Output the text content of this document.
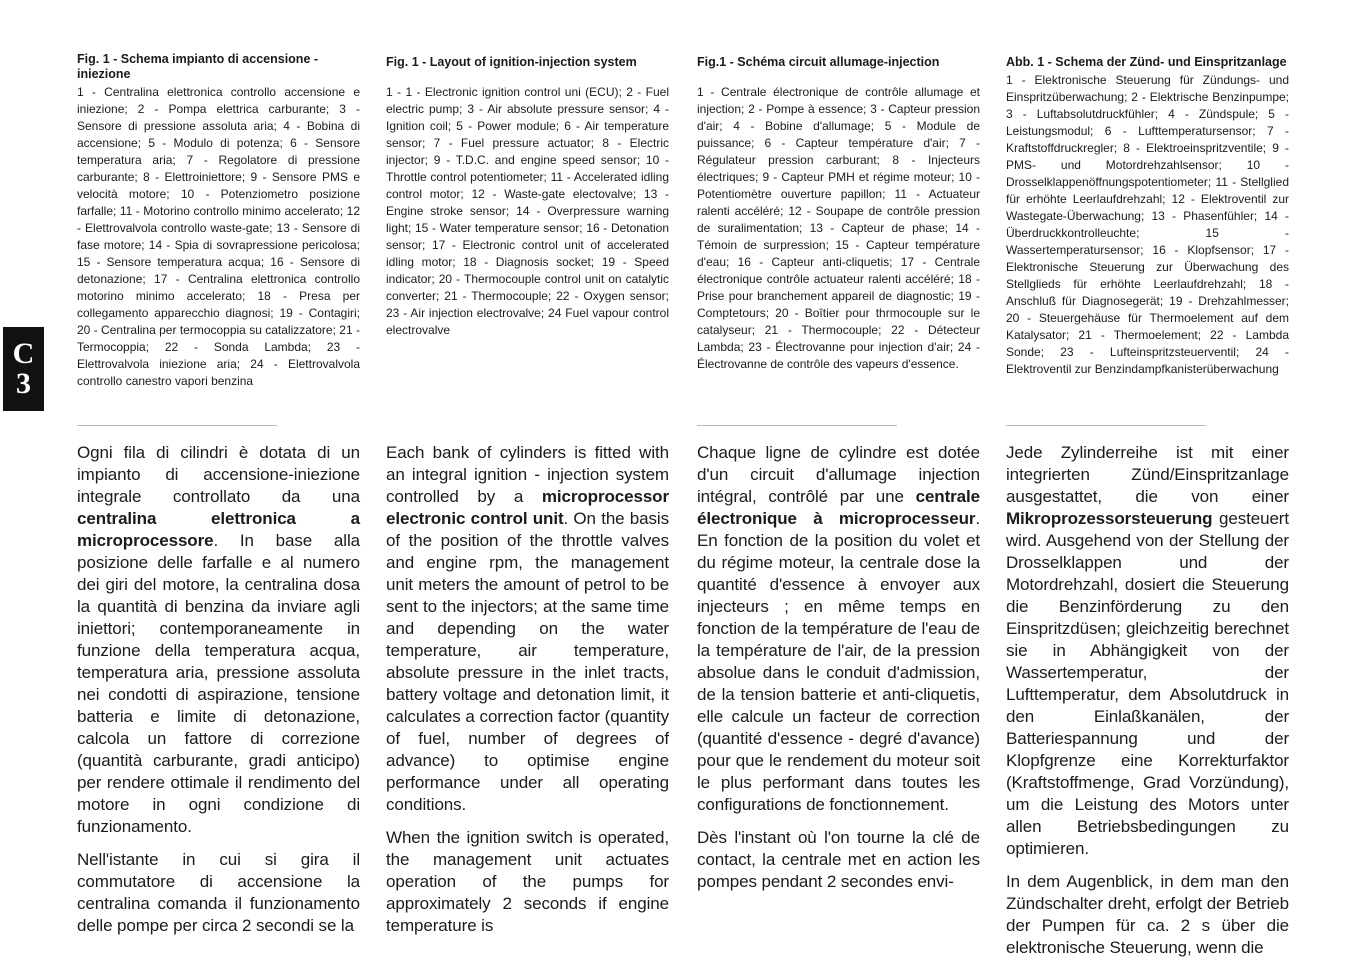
C
3

Fig. 1 - Schema impianto di accensione - iniezione

1 - Centralina elettronica controllo accensione e iniezione; 2 - Pompa elettrica carburante; 3 - Sensore di pressione assoluta aria; 4 - Bobina di accensione; 5 - Modulo di potenza; 6 - Sensore temperatura aria; 7 - Regolatore di pressione carburante; 8 - Elettroiniettore; 9 - Sensore PMS e velocità motore; 10 - Potenziometro posizione farfalle; 11 - Motorino controllo minimo accelerato; 12 - Elettrovalvola controllo waste-gate; 13 - Sensore di fase motore; 14 - Spia di sovrapressione pericolosa; 15 - Sensore temperatura acqua; 16 - Sensore di detonazione; 17 - Centralina elettronica controllo motorino minimo accelerato; 18 - Presa per collegamento apparecchio diagnosi; 19 - Contagiri; 20 - Centralina per termocoppia su catalizzatore; 21 - Termocoppia; 22 - Sonda Lambda; 23 - Elettrovalvola iniezione aria; 24 - Elettrovalvola controllo canestro vapori benzina

Fig. 1 - Layout of ignition-injection system

1 - 1 - Electronic ignition control uni (ECU); 2 - Fuel electric pump; 3 - Air absolute pressure sensor; 4 - Ignition coil; 5 - Power module; 6 - Air temperature sensor; 7 - Fuel pressure actuator; 8 - Electric injector; 9 - T.D.C. and engine speed sensor; 10 - Throttle control potentiometer; 11 - Accelerated idling control motor; 12 - Waste-gate electovalve; 13 - Engine stroke sensor; 14 - Overpressure warning light; 15 - Water temperature sensor; 16 - Detonation sensor; 17 - Electronic control unit of accelerated idling motor; 18 - Diagnosis socket; 19 - Speed indicator; 20 - Thermocouple control unit on catalytic converter; 21 - Thermocouple; 22 - Oxygen sensor; 23 - Air injection electrovalve; 24 Fuel vapour control electrovalve

Fig.1 - Schéma circuit allumage-injection

1 - Centrale électronique de contrôle allumage et injection; 2 - Pompe à essence; 3 - Capteur pression d'air; 4 - Bobine d'allumage; 5 - Module de puissance; 6 - Capteur température d'air; 7 - Régulateur pression carburant; 8 - Injecteurs électriques; 9 - Capteur PMH et régime moteur; 10 - Potentiomètre ouverture papillon; 11 - Actuateur ralenti accéléré; 12 - Soupape de contrôle pression de suralimentation; 13 - Capteur de phase; 14 - Témoin de surpression; 15 - Capteur température d'eau; 16 - Capteur anti-cliquetis; 17 - Centrale électronique contrôle actuateur ralenti accéléré; 18 - Prise pour branchement appareil de diagnostic; 19 - Comptetours; 20 - Boîtier pour thrmocouple sur le catalyseur; 21 - Thermocouple; 22 - Détecteur Lambda; 23 - Électrovanne pour injection d'air; 24 - Électrovanne de contrôle des vapeurs d'essence.

Abb. 1 - Schema der Zünd- und Einspritzanlage

1 - Elektronische Steuerung für Zündungs- und Einspritzüberwachung; 2 - Elektrische Benzinpumpe; 3 - Luftabsolutdruckfühler; 4 - Zündspule; 5 - Leistungsmodul; 6 - Lufttemperatursensor; 7 - Kraftstoffdruckregler; 8 - Elektroeinspritzventile; 9 - PMS- und Motordrehzahlsensor; 10 - Drosselklappenöffnungspotentiometer; 11 - Stellglied für erhöhte Leerlaufdrehzahl; 12 - Elektroventil zur Wastegate-Überwachung; 13 - Phasenfühler; 14 - Überdruckkontrolleuchte; 15 - Wassertemperatursensor; 16 - Klopfsensor; 17 - Elektronische Steuerung zur Überwachung des Stellglieds für erhöhte Leerlaufdrehzahl; 18 - Anschluß für Diagnosegerät; 19 - Drehzahlmesser; 20 - Steuergehäuse für Thermoelement auf dem Katalysator; 21 - Thermoelement; 22 - Lambda Sonde; 23 - Lufteinspritzsteuerventil; 24 - Elektroventil zur Benzindampfkanisterüberwachung

Ogni fila di cilindri è dotata di un impianto di accensione-iniezione integrale controllato da una centralina elettronica a microprocessore. In base alla posizione delle farfalle e al numero dei giri del motore, la centralina dosa la quantità di benzina da inviare agli iniettori; contemporaneamente in funzione della temperatura acqua, temperatura aria, pressione assoluta nei condotti di aspirazione, tensione batteria e limite di detonazione, calcola un fattore di correzione (quantità carburante, gradi anticipo) per rendere ottimale il rendimento del motore in ogni condizione di funzionamento.

Nell'istante in cui si gira il commutatore di accensione la centralina comanda il funzionamento delle pompe per circa 2 secondi se la

Each bank of cylinders is fitted with an integral ignition - injection system controlled by a microprocessor electronic control unit. On the basis of the position of the throttle valves and engine rpm, the management unit meters the amount of petrol to be sent to the injectors; at the same time and depending on the water temperature, air temperature, absolute pressure in the inlet tracts, battery voltage and detonation limit, it calculates a correction factor (quantity of fuel, number of degrees of advance) to optimise engine performance under all operating conditions.

When the ignition switch is operated, the management unit actuates operation of the pumps for approximately 2 seconds if engine temperature is

Chaque ligne de cylindre est dotée d'un circuit d'allumage injection intégral, contrôlé par une centrale électronique à microprocesseur. En fonction de la position du volet et du régime moteur, la centrale dose la quantité d'essence à envoyer aux injecteurs ; en même temps en fonction de la température de l'eau de la température de l'air, de la pression absolue dans le conduit d'admission, de la tension batterie et anti-cliquetis, elle calcule un facteur de correction (quantité d'essence - degré d'avance) pour que le rendement du moteur soit le plus performant dans toutes les configurations de fonctionnement.

Dès l'instant où l'on tourne la clé de contact, la centrale met en action les pompes pendant 2 secondes envi-

Jede Zylinderreihe ist mit einer integrierten Zünd/Einspritzanlage ausgestattet, die von einer Mikroprozessorsteuerung gesteuert wird. Ausgehend von der Stellung der Drosselklappen und der Motordrehzahl, dosiert die Steuerung die Benzinförderung zu den Einspritzdüsen; gleichzeitig berechnet sie in Abhängigkeit von der Wassertemperatur, der Lufttemperatur, dem Absolutdruck in den Einlaßkanälen, der Batteriespannung und der Klopfgrenze eine Korrekturfaktor (Kraftstoffmenge, Grad Vorzündung), um die Leistung des Motors unter allen Betriebsbedingungen zu optimieren.

In dem Augenblick, in dem man den Zündschalter dreht, erfolgt der Betrieb der Pumpen für ca. 2 s über die elektronische Steuerung, wenn die
